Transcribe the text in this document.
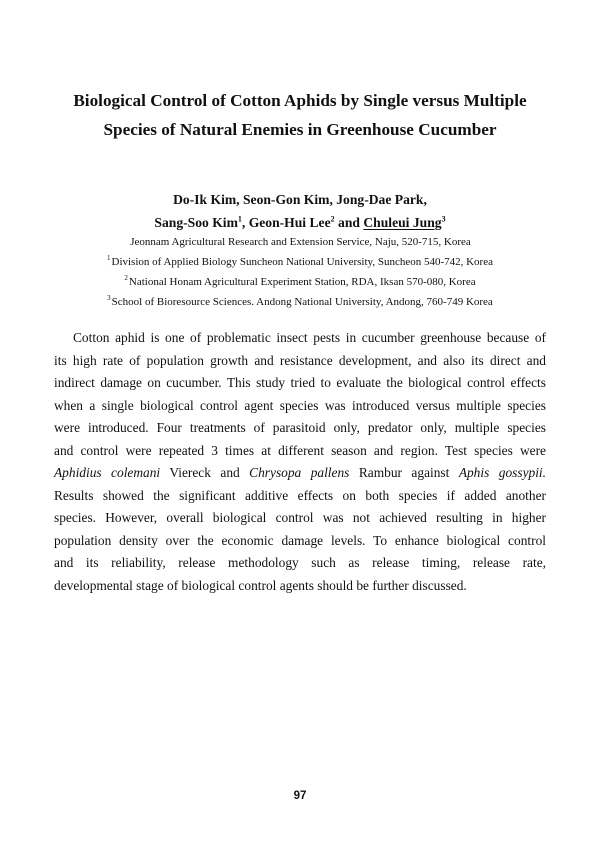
Biological Control of Cotton Aphids by Single versus Multiple
Species of Natural Enemies in Greenhouse Cucumber
Do-Ik Kim, Seon-Gon Kim, Jong-Dae Park,
Sang-Soo Kim$^1$, Geon-Hui Lee$^2$ and Chuleui Jung$^3$
Jeonnam Agricultural Research and Extension Service, Naju, 520-715, Korea
$^1$Division of Applied Biology Suncheon National University, Suncheon 540-742, Korea
$^2$National Honam Agricultural Experiment Station, RDA, Iksan 570-080, Korea
$^3$School of Bioresource Sciences. Andong National University, Andong, 760-749 Korea
Cotton aphid is one of problematic insect pests in cucumber greenhouse because of
its high rate of population growth and resistance development, and also its direct and
indirect damage on cucumber. This study tried to evaluate the biological control effects
when a single biological control agent species was introduced versus multiple species
were introduced. Four treatments of parasitoid only, predator only, multiple species
and control were repeated 3 times at different season and region. Test species were
Aphidius colemani Viereck and Chrysopa pallens Rambur against Aphis gossypii.
Results showed the significant additive effects on both species if added another
species. However, overall biological control was not achieved resulting in higher
population density over the economic damage levels. To enhance biological control
and its reliability, release methodology such as release timing, release rate,
developmental stage of biological control agents should be further discussed.
97
